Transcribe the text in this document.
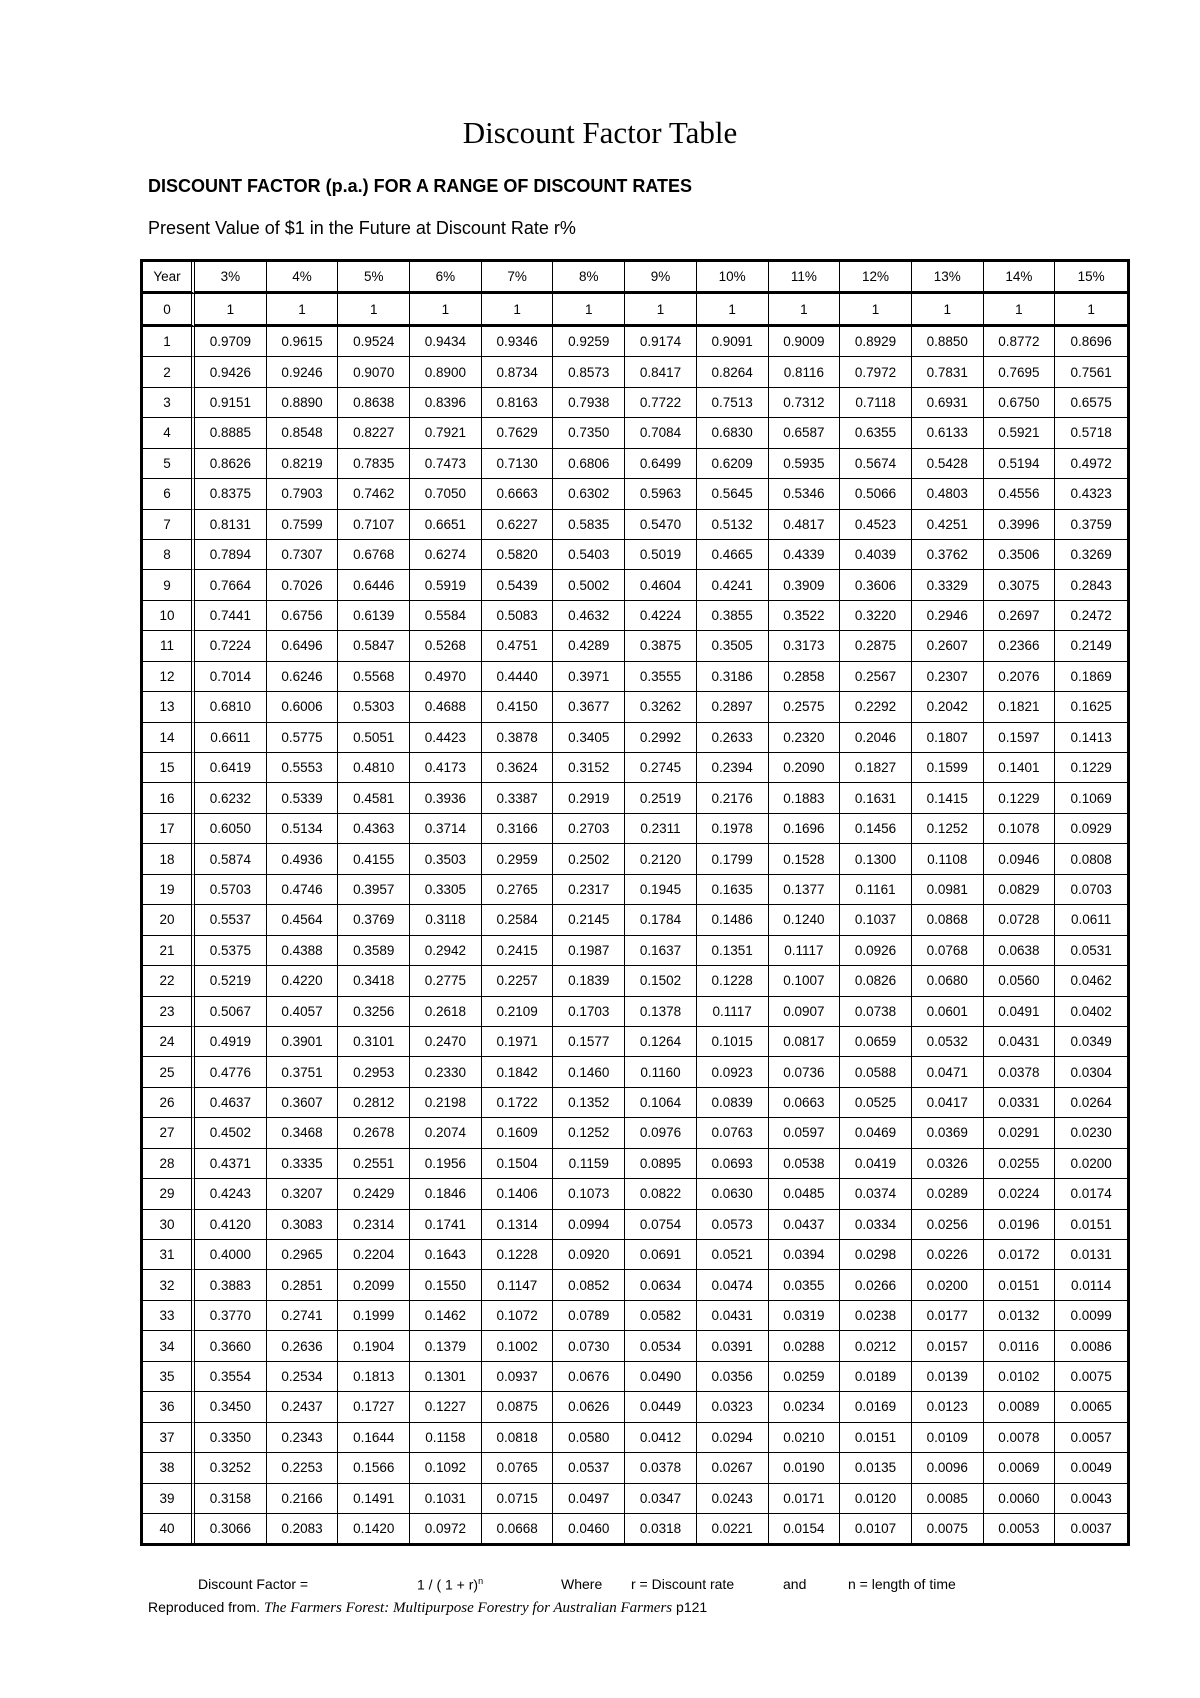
Discount Factor Table
DISCOUNT FACTOR (p.a.) FOR A RANGE OF DISCOUNT RATES
Present Value of $1 in the Future at Discount Rate r%
Year	3%	4%	5%	6%	7%	8%	9%	10%	11%	12%	13%	14%	15%
0	1	1	1	1	1	1	1	1	1	1	1	1	1
1	0.9709	0.9615	0.9524	0.9434	0.9346	0.9259	0.9174	0.9091	0.9009	0.8929	0.8850	0.8772	0.8696
2	0.9426	0.9246	0.9070	0.8900	0.8734	0.8573	0.8417	0.8264	0.8116	0.7972	0.7831	0.7695	0.7561
3	0.9151	0.8890	0.8638	0.8396	0.8163	0.7938	0.7722	0.7513	0.7312	0.7118	0.6931	0.6750	0.6575
4	0.8885	0.8548	0.8227	0.7921	0.7629	0.7350	0.7084	0.6830	0.6587	0.6355	0.6133	0.5921	0.5718
5	0.8626	0.8219	0.7835	0.7473	0.7130	0.6806	0.6499	0.6209	0.5935	0.5674	0.5428	0.5194	0.4972
6	0.8375	0.7903	0.7462	0.7050	0.6663	0.6302	0.5963	0.5645	0.5346	0.5066	0.4803	0.4556	0.4323
7	0.8131	0.7599	0.7107	0.6651	0.6227	0.5835	0.5470	0.5132	0.4817	0.4523	0.4251	0.3996	0.3759
8	0.7894	0.7307	0.6768	0.6274	0.5820	0.5403	0.5019	0.4665	0.4339	0.4039	0.3762	0.3506	0.3269
9	0.7664	0.7026	0.6446	0.5919	0.5439	0.5002	0.4604	0.4241	0.3909	0.3606	0.3329	0.3075	0.2843
10	0.7441	0.6756	0.6139	0.5584	0.5083	0.4632	0.4224	0.3855	0.3522	0.3220	0.2946	0.2697	0.2472
11	0.7224	0.6496	0.5847	0.5268	0.4751	0.4289	0.3875	0.3505	0.3173	0.2875	0.2607	0.2366	0.2149
12	0.7014	0.6246	0.5568	0.4970	0.4440	0.3971	0.3555	0.3186	0.2858	0.2567	0.2307	0.2076	0.1869
13	0.6810	0.6006	0.5303	0.4688	0.4150	0.3677	0.3262	0.2897	0.2575	0.2292	0.2042	0.1821	0.1625
14	0.6611	0.5775	0.5051	0.4423	0.3878	0.3405	0.2992	0.2633	0.2320	0.2046	0.1807	0.1597	0.1413
15	0.6419	0.5553	0.4810	0.4173	0.3624	0.3152	0.2745	0.2394	0.2090	0.1827	0.1599	0.1401	0.1229
16	0.6232	0.5339	0.4581	0.3936	0.3387	0.2919	0.2519	0.2176	0.1883	0.1631	0.1415	0.1229	0.1069
17	0.6050	0.5134	0.4363	0.3714	0.3166	0.2703	0.2311	0.1978	0.1696	0.1456	0.1252	0.1078	0.0929
18	0.5874	0.4936	0.4155	0.3503	0.2959	0.2502	0.2120	0.1799	0.1528	0.1300	0.1108	0.0946	0.0808
19	0.5703	0.4746	0.3957	0.3305	0.2765	0.2317	0.1945	0.1635	0.1377	0.1161	0.0981	0.0829	0.0703
20	0.5537	0.4564	0.3769	0.3118	0.2584	0.2145	0.1784	0.1486	0.1240	0.1037	0.0868	0.0728	0.0611
21	0.5375	0.4388	0.3589	0.2942	0.2415	0.1987	0.1637	0.1351	0.1117	0.0926	0.0768	0.0638	0.0531
22	0.5219	0.4220	0.3418	0.2775	0.2257	0.1839	0.1502	0.1228	0.1007	0.0826	0.0680	0.0560	0.0462
23	0.5067	0.4057	0.3256	0.2618	0.2109	0.1703	0.1378	0.1117	0.0907	0.0738	0.0601	0.0491	0.0402
24	0.4919	0.3901	0.3101	0.2470	0.1971	0.1577	0.1264	0.1015	0.0817	0.0659	0.0532	0.0431	0.0349
25	0.4776	0.3751	0.2953	0.2330	0.1842	0.1460	0.1160	0.0923	0.0736	0.0588	0.0471	0.0378	0.0304
26	0.4637	0.3607	0.2812	0.2198	0.1722	0.1352	0.1064	0.0839	0.0663	0.0525	0.0417	0.0331	0.0264
27	0.4502	0.3468	0.2678	0.2074	0.1609	0.1252	0.0976	0.0763	0.0597	0.0469	0.0369	0.0291	0.0230
28	0.4371	0.3335	0.2551	0.1956	0.1504	0.1159	0.0895	0.0693	0.0538	0.0419	0.0326	0.0255	0.0200
29	0.4243	0.3207	0.2429	0.1846	0.1406	0.1073	0.0822	0.0630	0.0485	0.0374	0.0289	0.0224	0.0174
30	0.4120	0.3083	0.2314	0.1741	0.1314	0.0994	0.0754	0.0573	0.0437	0.0334	0.0256	0.0196	0.0151
31	0.4000	0.2965	0.2204	0.1643	0.1228	0.0920	0.0691	0.0521	0.0394	0.0298	0.0226	0.0172	0.0131
32	0.3883	0.2851	0.2099	0.1550	0.1147	0.0852	0.0634	0.0474	0.0355	0.0266	0.0200	0.0151	0.0114
33	0.3770	0.2741	0.1999	0.1462	0.1072	0.0789	0.0582	0.0431	0.0319	0.0238	0.0177	0.0132	0.0099
34	0.3660	0.2636	0.1904	0.1379	0.1002	0.0730	0.0534	0.0391	0.0288	0.0212	0.0157	0.0116	0.0086
35	0.3554	0.2534	0.1813	0.1301	0.0937	0.0676	0.0490	0.0356	0.0259	0.0189	0.0139	0.0102	0.0075
36	0.3450	0.2437	0.1727	0.1227	0.0875	0.0626	0.0449	0.0323	0.0234	0.0169	0.0123	0.0089	0.0065
37	0.3350	0.2343	0.1644	0.1158	0.0818	0.0580	0.0412	0.0294	0.0210	0.0151	0.0109	0.0078	0.0057
38	0.3252	0.2253	0.1566	0.1092	0.0765	0.0537	0.0378	0.0267	0.0190	0.0135	0.0096	0.0069	0.0049
39	0.3158	0.2166	0.1491	0.1031	0.0715	0.0497	0.0347	0.0243	0.0171	0.0120	0.0085	0.0060	0.0043
40	0.3066	0.2083	0.1420	0.0972	0.0668	0.0460	0.0318	0.0221	0.0154	0.0107	0.0075	0.0053	0.0037
Discount Factor =	1 / ( 1 + r)$^n$	Where r = Discount rate	and	n = length of time
Reproduced from. The Farmers Forest: Multipurpose Forestry for Australian Farmers p121
